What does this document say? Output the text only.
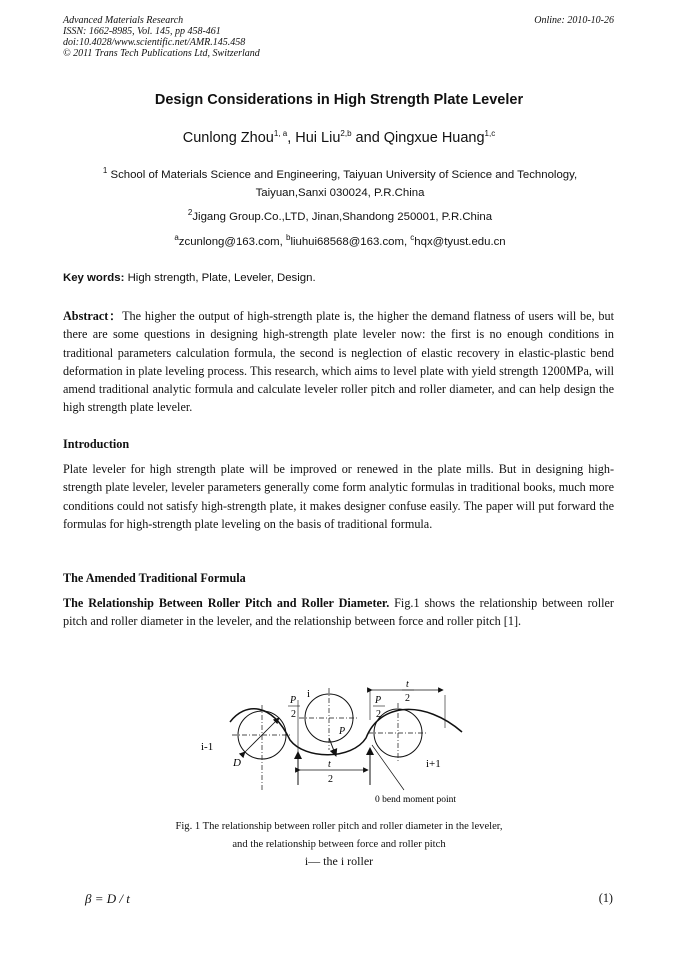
Advanced Materials Research
ISSN: 1662-8985, Vol. 145, pp 458-461
doi:10.4028/www.scientific.net/AMR.145.458
© 2011 Trans Tech Publications Ltd, Switzerland
Online: 2010-10-26
Design Considerations in High Strength Plate Leveler
Cunlong Zhou$^{1, a}$, Hui Liu$^{2,b}$ and Qingxue Huang$^{1,c}$
$^1$ School of Materials Science and Engineering, Taiyuan University of Science and Technology, Taiyuan,Sanxi 030024, P.R.China
$^2$Jigang Group.Co.,LTD, Jinan,Shandong 250001, P.R.China
$^a$zcunlong@163.com, $^b$liuhui68568@163.com, $^c$hqx@tyust.edu.cn
Key words: High strength, Plate, Leveler, Design.

Abstract：The higher the output of high-strength plate is, the higher the demand flatness of users will be, but there are some questions in designing high-strength plate leveler now: the first is no enough conditions in traditional parameters calculation formula, the second is neglection of elastic recovery in elastic-plastic bend deformation in plate leveling process. This research, which aims to level plate with yield strength 1200MPa, will amend traditional analytic formula and calculate leveler roller pitch and roller diameter, and can help design the high strength plate leveler.

Introduction
Plate leveler for high strength plate will be improved or renewed in the plate mills. But in designing high-strength plate leveler, leveler parameters generally come form analytic formulas in traditional books, much more conditions could not satisfy high-strength plate, it makes designer confuse easily. The paper will put forward the formulas for high-strength plate leveling on the basis of traditional formula.
The Amended Traditional Formula

The Relationship Between Roller Pitch and Roller Diameter. Fig.1 shows the relationship between roller pitch and roller diameter in the leveler, and the relationship between force and roller pitch [1].

i
i-1
i+1
D
P
2
P
2
P
t
2
t
2
0 bend moment point
Fig. 1 The relationship between roller pitch and roller diameter in the leveler,
and the relationship between force and roller pitch
i— the i roller
β = D / t	(1)
